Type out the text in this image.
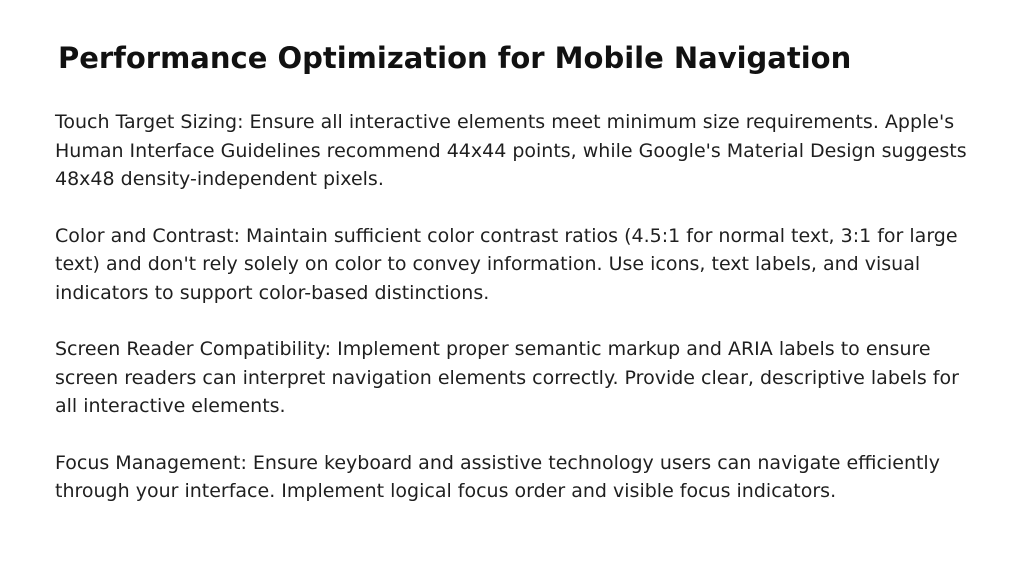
Performance Optimization for Mobile Navigation

Touch Target Sizing: Ensure all interactive elements meet minimum size requirements. Apple's Human Interface Guidelines recommend 44x44 points, while Google's Material Design suggests 48x48 density-independent pixels.

Color and Contrast: Maintain sufficient color contrast ratios (4.5:1 for normal text, 3:1 for large text) and don't rely solely on color to convey information. Use icons, text labels, and visual indicators to support color-based distinctions.

Screen Reader Compatibility: Implement proper semantic markup and ARIA labels to ensure screen readers can interpret navigation elements correctly. Provide clear, descriptive labels for all interactive elements.

Focus Management: Ensure keyboard and assistive technology users can navigate efficiently through your interface. Implement logical focus order and visible focus indicators.
